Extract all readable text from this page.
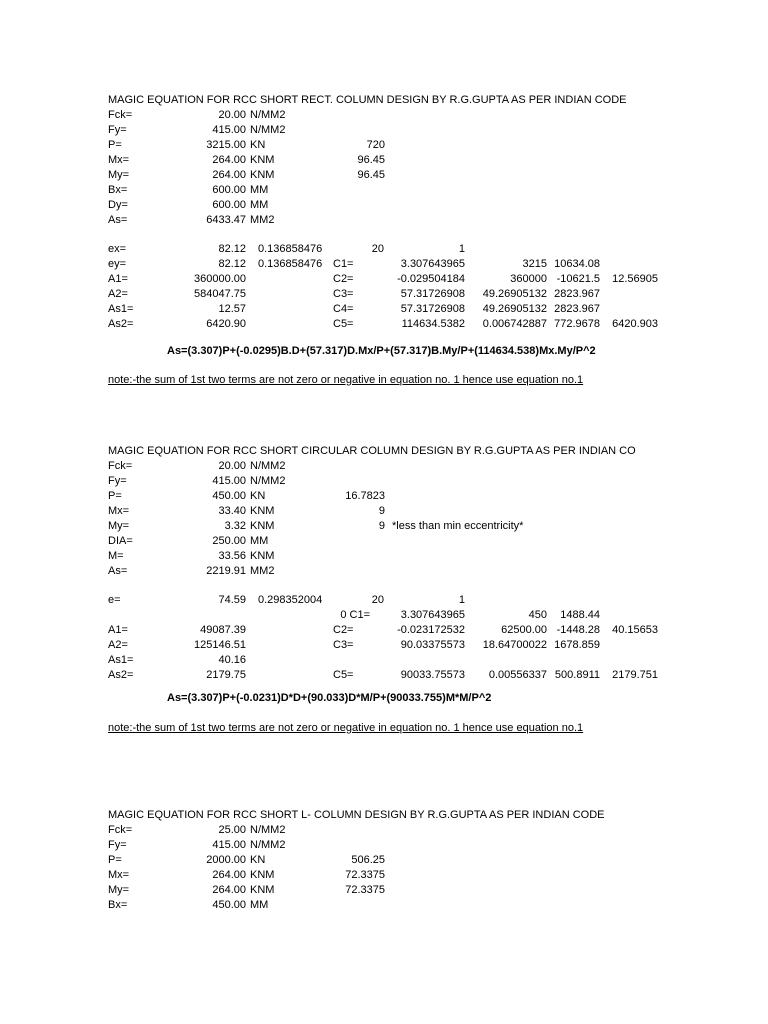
MAGIC EQUATION FOR RCC SHORT RECT. COLUMN DESIGN BY R.G.GUPTA AS PER INDIAN CODE
Fck=	20.00 N/MM2
Fy=	415.00 N/MM2
P=	3215.00 KN	720
Mx=	264.00 KNM	96.45
My=	264.00 KNM	96.45
Bx=	600.00 MM
Dy=	600.00 MM
As=	6433.47 MM2
ex=	82.12 0.136858476	20	1
ey=	82.12 0.136858476 C1=	3.307643965	3215 10634.08
A1=	360000.00	C2=	-0.029504184	360000 -10621.5	12.56905
A2=	584047.75	C3=	57.31726908	49.26905132 2823.967
As1=	12.57	C4=	57.31726908	49.26905132 2823.967
As2=	6420.90	C5=	114634.5382	0.006742887 772.9678	6420.903
As=(3.307)P+(-0.0295)B.D+(57.317)D.Mx/P+(57.317)B.My/P+(114634.538)Mx.My/P^2
note:-the sum of 1st two terms are not zero or negative in equation no. 1 hence use equation no.1
MAGIC EQUATION FOR RCC SHORT CIRCULAR COLUMN DESIGN BY R.G.GUPTA AS PER INDIAN CO
Fck=	20.00 N/MM2
Fy=	415.00 N/MM2
P=	450.00 KN	16.7823
Mx=	33.40 KNM	9
My=	3.32 KNM	9 *less than min eccentricity*
DIA=	250.00 MM
M=	33.56 KNM
As=	2219.91 MM2
e=	74.59 0.298352004	20	1
0 C1=	3.307643965	450	1488.44
A1=	49087.39	C2=	-0.023172532	62500.00 -1448.28	40.15653
A2=	125146.51	C3=	90.03375573	18.64700022 1678.859
As1=	40.16
As2=	2179.75	C5=	90033.75573	0.00556337 500.8911	2179.751
As=(3.307)P+(-0.0231)D*D+(90.033)D*M/P+(90033.755)M*M/P^2
note:-the sum of 1st two terms are not zero or negative in equation no. 1 hence use equation no.1
MAGIC EQUATION FOR RCC SHORT L- COLUMN DESIGN BY R.G.GUPTA AS PER INDIAN CODE
Fck=	25.00 N/MM2
Fy=	415.00 N/MM2
P=	2000.00 KN	506.25
Mx=	264.00 KNM	72.3375
My=	264.00 KNM	72.3375
Bx=	450.00 MM
